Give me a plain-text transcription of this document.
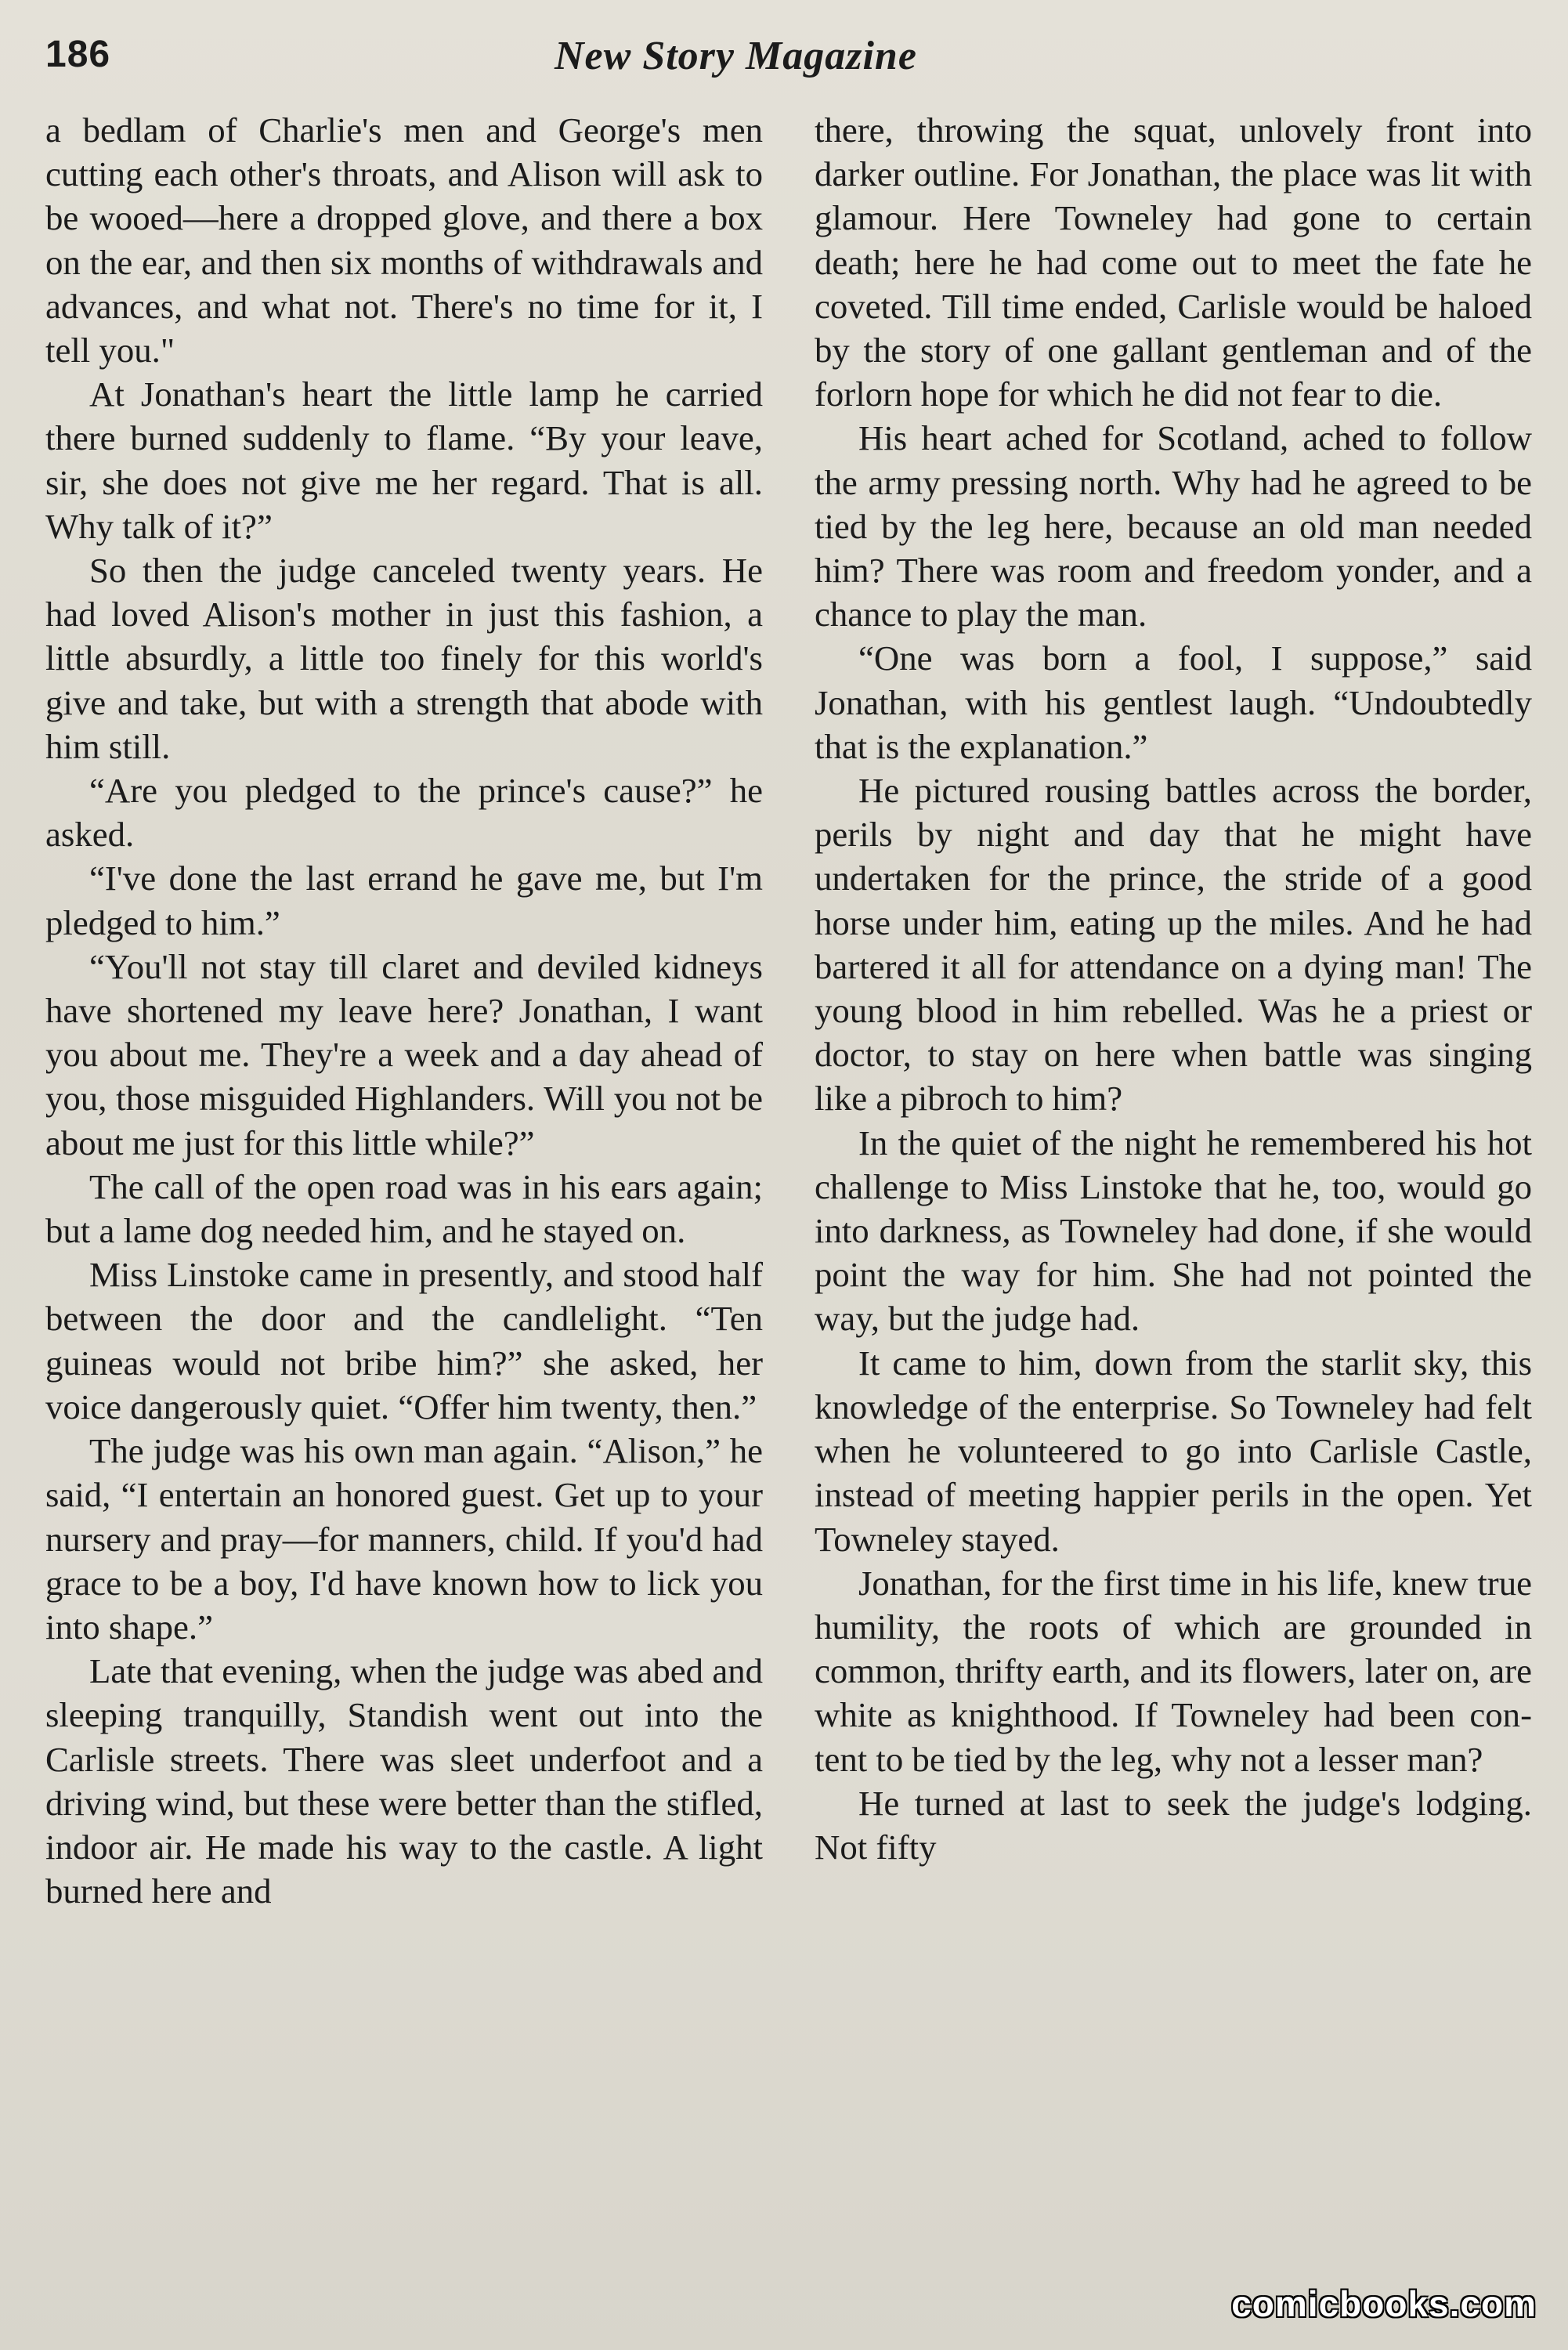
186	New Story Magazine

a bedlam of Charlie's men and George's men cutting each other's throats, and Alison will ask to be wooed—here a dropped glove, and there a box on the ear, and then six months of withdrawals and advances, and what not. There's no time for it, I tell you."

At Jonathan's heart the little lamp he carried there burned suddenly to flame. “By your leave, sir, she does not give me her regard. That is all. Why talk of it?”

So then the judge canceled twenty years. He had loved Alison's mother in just this fashion, a little absurdly, a little too finely for this world's give and take, but with a strength that abode with him still.

“Are you pledged to the prince's cause?” he asked.

“I've done the last errand he gave me, but I'm pledged to him.”

“You'll not stay till claret and deviled kidneys have shortened my leave here? Jonathan, I want you about me. They're a week and a day ahead of you, those misguided Highlanders. Will you not be about me just for this little while?”

The call of the open road was in his ears again; but a lame dog needed him, and he stayed on.

Miss Linstoke came in presently, and stood half between the door and the candlelight. “Ten guineas would not bribe him?” she asked, her voice dangerously quiet. “Offer him twenty, then.”

The judge was his own man again. “Alison,” he said, “I entertain an honored guest. Get up to your nursery and pray—for manners, child. If you'd had grace to be a boy, I'd have known how to lick you into shape.”

Late that evening, when the judge was abed and sleeping tranquilly, Standish went out into the Carlisle streets. There was sleet underfoot and a driving wind, but these were better than the stifled, indoor air. He made his way to the castle. A light burned here and

there, throwing the squat, unlovely front into darker outline. For Jonathan, the place was lit with glamour. Here Towneley had gone to certain death; here he had come out to meet the fate he coveted. Till time ended, Carlisle would be haloed by the story of one gallant gentleman and of the forlorn hope for which he did not fear to die.

His heart ached for Scotland, ached to follow the army pressing north. Why had he agreed to be tied by the leg here, because an old man needed him? There was room and freedom yonder, and a chance to play the man.

“One was born a fool, I suppose,” said Jonathan, with his gentlest laugh. “Undoubtedly that is the explanation.”

He pictured rousing battles across the border, perils by night and day that he might have undertaken for the prince, the stride of a good horse under him, eating up the miles. And he had bartered it all for attendance on a dying man! The young blood in him rebelled. Was he a priest or doctor, to stay on here when battle was singing like a pibroch to him?

In the quiet of the night he remembered his hot challenge to Miss Linstoke that he, too, would go into darkness, as Towneley had done, if she would point the way for him. She had not pointed the way, but the judge had.

It came to him, down from the starlit sky, this knowledge of the enterprise. So Towneley had felt when he volunteered to go into Carlisle Castle, instead of meeting happier perils in the open. Yet Towneley stayed.

Jonathan, for the first time in his life, knew true humility, the roots of which are grounded in common, thrifty earth, and its flowers, later on, are white as knighthood. If Towneley had been content to be tied by the leg, why not a lesser man?

He turned at last to seek the judge's lodging. Not fifty

comicbooks.com
